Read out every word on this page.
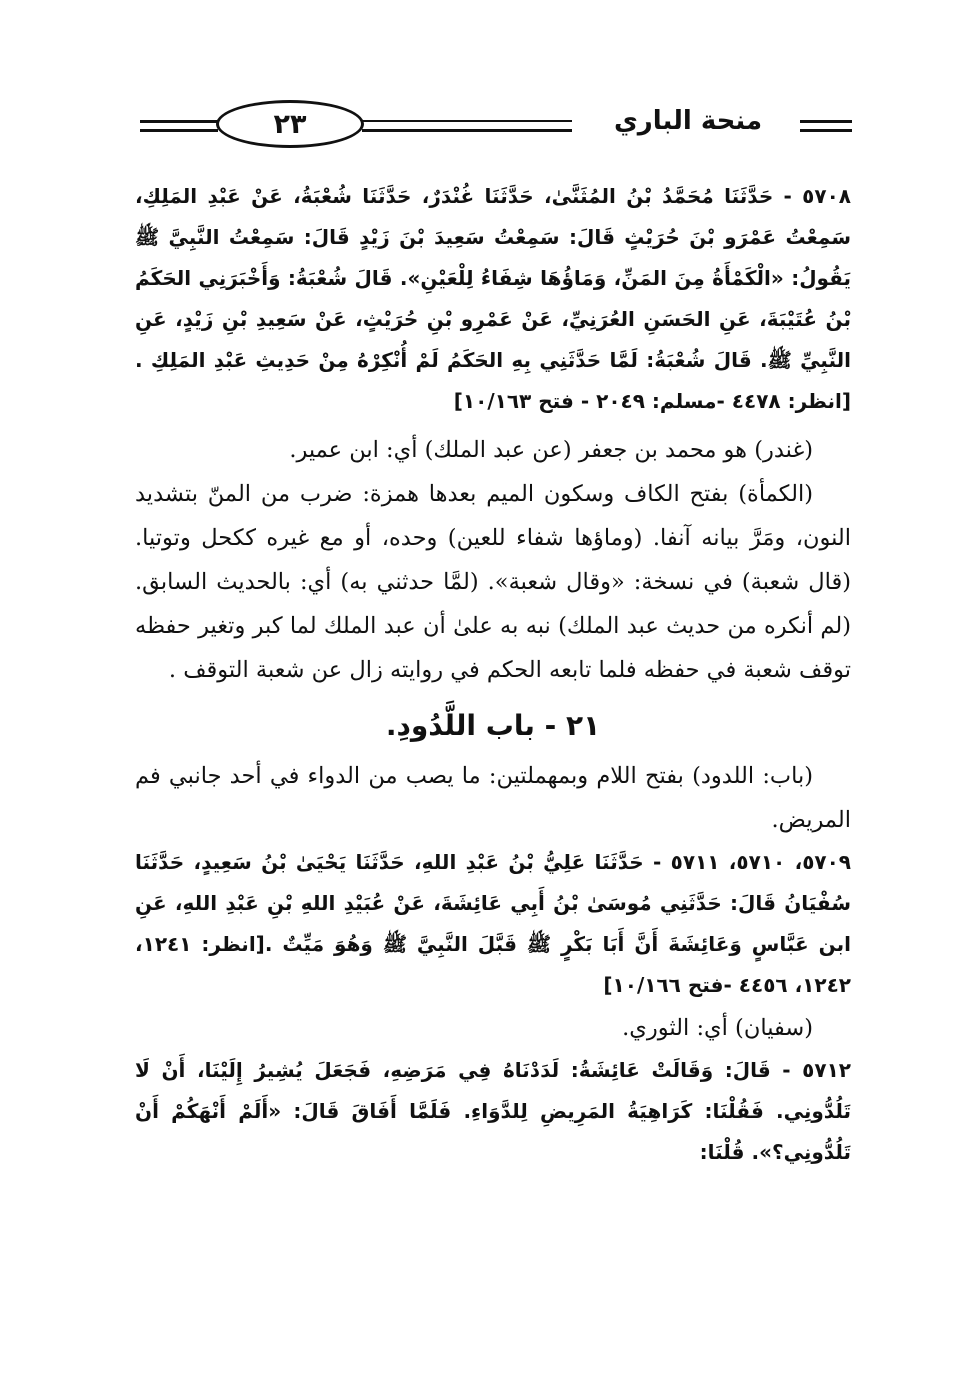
٢٣	منحة الباري

٥٧٠٨ - حَدَّثَنَا مُحَمَّدُ بْنُ المُثَنَّىٰ، حَدَّثَنَا غُنْدَرٌ، حَدَّثَنَا شُعْبَةُ، عَنْ عَبْدِ المَلِكِ، سَمِعْتُ عَمْرَو بْنَ حُرَيْثٍ قَالَ: سَمِعْتُ سَعِيدَ بْنَ زَيْدٍ قَالَ: سَمِعْتُ النَّبِيَّ ﷺ يَقُولُ: «الْكَمْأَةُ مِنَ المَنِّ، وَمَاؤُهَا شِفَاءُ لِلْعَيْنِ». قَالَ شُعْبَةُ: وَأَخْبَرَنِي الحَكَمُ بْنُ عُتَيْبَةَ، عَنِ الحَسَنِ العُرَنِيِّ، عَنْ عَمْرِو بْنِ حُرَيْثٍ، عَنْ سَعِيدِ بْنِ زَيْدٍ، عَنِ النَّبِيِّ ﷺ. قَالَ شُعْبَةُ: لَمَّا حَدَّثَنِي بِهِ الحَكَمُ لَمْ أُنْكِرْهُ مِنْ حَدِيثِ عَبْدِ المَلِكِ .[انظر: ٤٤٧٨ -مسلم: ٢٠٤٩ - فتح ١٠/١٦٣]

(غندر) هو محمد بن جعفر (عن عبد الملك) أي: ابن عمير.

(الكمأة) بفتح الكاف وسكون الميم بعدها همزة: ضرب من المنّ بتشديد النون، ومَرَّ بيانه آنفا. (وماؤها شفاء للعين) وحده، أو مع غيره ككحل وتوتيا. (قال شعبة) في نسخة: «وقال شعبة». (لمَّا حدثني به) أي: بالحديث السابق. (لم أنكره من حديث عبد الملك) نبه به علىٰ أن عبد الملك لما كبر وتغير حفظه توقف شعبة في حفظه فلما تابعه الحكم في روايته زال عن شعبة التوقف .

٢١ - باب اللَّدُودِ.

(باب: اللدود) بفتح اللام وبمهملتين: ما يصب من الدواء في أحد جانبي فم المريض.

٥٧٠٩، ٥٧١٠، ٥٧١١ - حَدَّثَنَا عَلِيُّ بْنُ عَبْدِ اللهِ، حَدَّثَنَا يَحْيَىٰ بْنُ سَعِيدٍ، حَدَّثَنَا سُفْيَانُ قَالَ: حَدَّثَنِي مُوسَىٰ بْنُ أَبِي عَائِشَةَ، عَنْ عُبَيْدِ اللهِ بْنِ عَبْدِ اللهِ، عَنِ ابن عَبَّاسٍ وَعَائِشَةَ أَنَّ أَبَا بَكْرٍ ﷺ قَبَّلَ النَّبِيَّ ﷺ وَهُوَ مَيِّتٌ .[انظر: ١٢٤١، ١٢٤٢، ٤٤٥٦ -فتح ١٠/١٦٦]

(سفيان) أي: الثوري.

٥٧١٢ - قَالَ: وَقَالَتْ عَائِشَةُ: لَدَدْنَاهُ فِي مَرَضِهِ، فَجَعَلَ يُشِيرُ إِلَيْنَا، أَنْ لَا تَلُدُّونِي. فَقُلْنَا: كَرَاهِيَةُ المَرِيضِ لِلدَّوَاءِ. فَلَمَّا أَفَاقَ قَالَ: «أَلَمْ أَنْهَكُمْ أَنْ تَلُدُّونِي؟». قُلْنَا:
